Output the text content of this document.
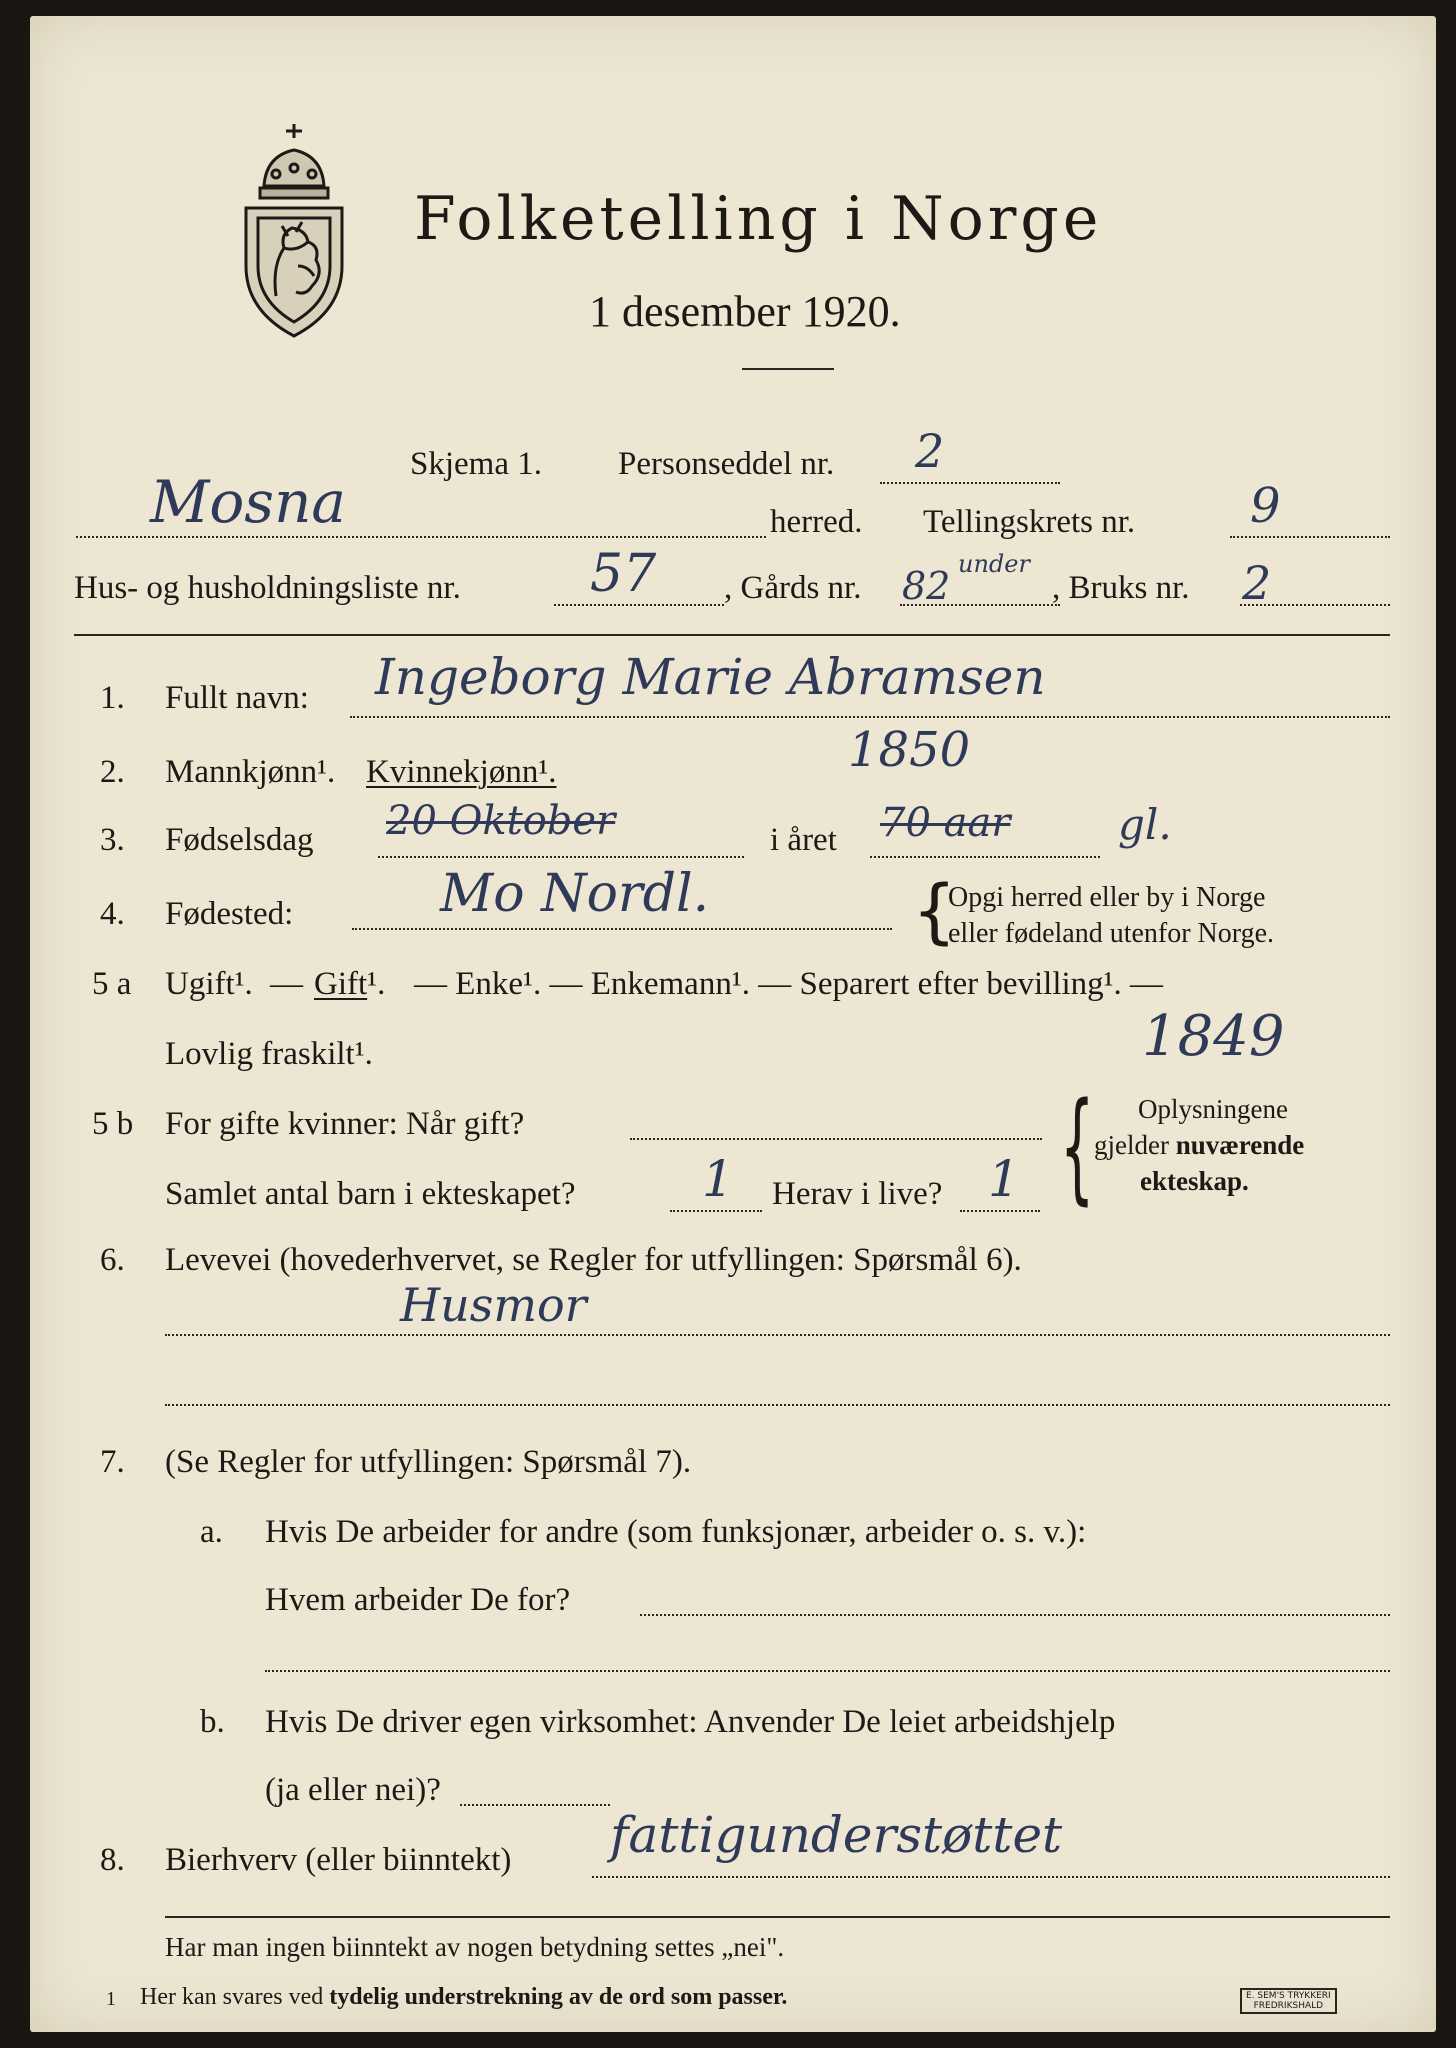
Folketelling i Norge
1 desember 1920.
Skjema 1. Personseddel nr. 2
Mosna	herred. Tellingskrets nr. 9
Hus- og husholdningsliste nr. 57 , Gårds nr. 82 under
, Bruks nr. 2
1. Fullt navn: Ingeborg Marie Abramsen
2. Mannkjønn¹. Kvinnekjønn¹.	1850
3. Fødselsdag 20 Oktober	i året 70 aar	gl.
4. Fødested:	Mo Nordl.	{
Opgi herred eller by i Norge
eller fødeland utenfor Norge.
5 a Ugift¹. — Gift¹. — Enke¹. — Enkemann¹. — Separert efter bevilling¹. —
Lovlig fraskilt¹.	1849
5 b For gifte kvinner: Når gift?
Samlet antal barn i ekteskapet?	1 Herav i live? 1 { Oplysningene
gjelder nuværende
ekteskap.
6. Levevei (hovederhvervet, se Regler for utfyllingen: Spørsmål 6).
Husmor
7. (Se Regler for utfyllingen: Spørsmål 7).
a. Hvis De arbeider for andre (som funksjonær, arbeider o. s. v.):
Hvem arbeider De for?
b. Hvis De driver egen virksomhet: Anvender De leiet arbeidshjelp
(ja eller nei)?
8. Bierhverv (eller biinntekt) fattigunderstøttet
Har man ingen biinntekt av nogen betydning settes „nei".
1 Her kan svares ved tydelig understrekning av de ord som passer.	E. SEM'S TRYKKERI
FREDRIKSHALD
